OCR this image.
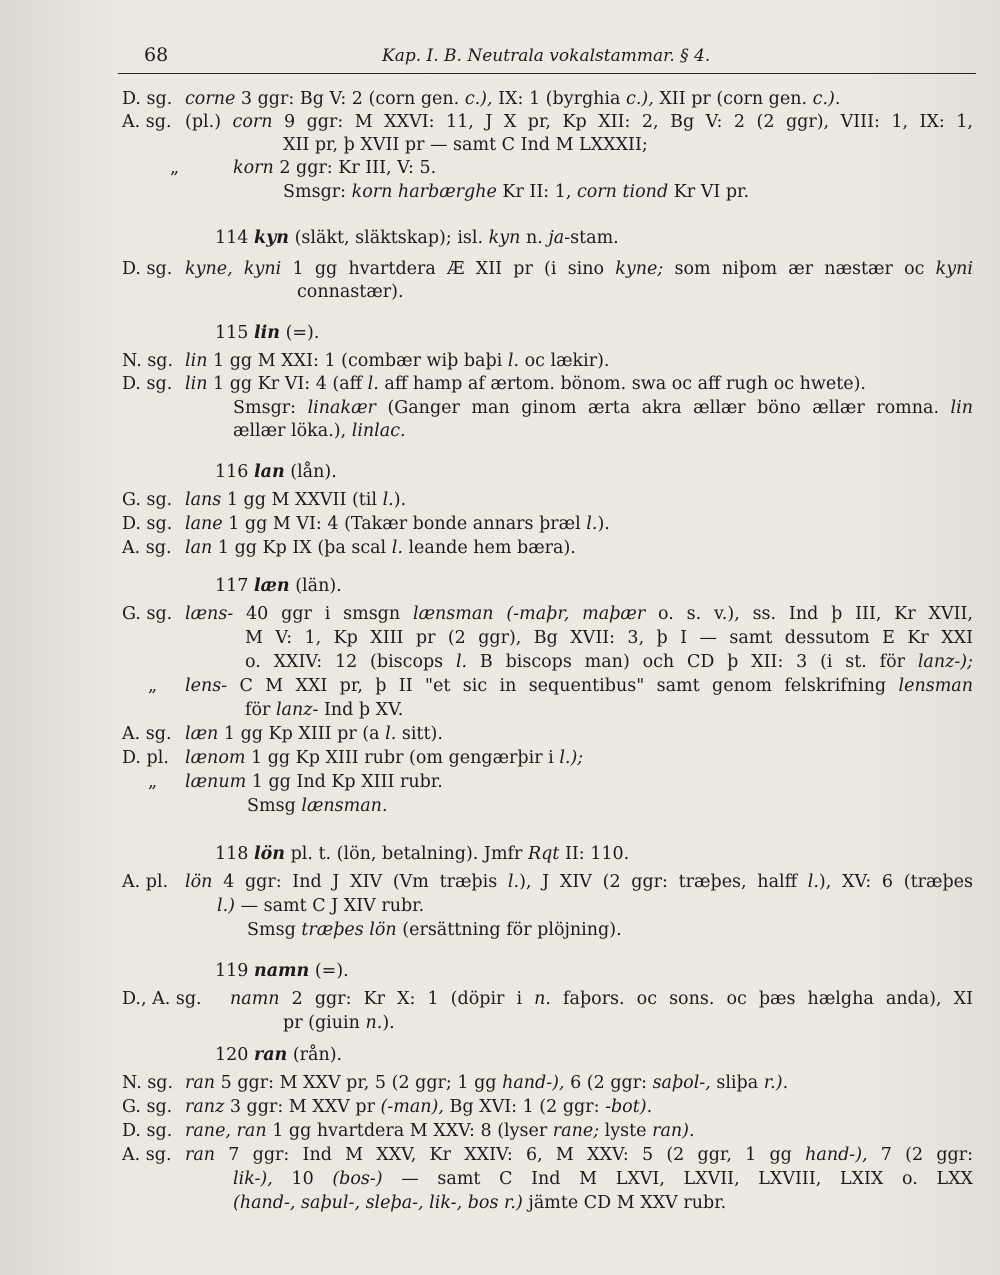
68	Kap. I. B. Neutrala vokalstammar. § 4.
D. sg. corne 3 ggr: Bg V: 2 (corn gen. c.), IX: 1 (byrghia c.), XII pr (corn gen. c.).
A. sg. (pl.) corn 9 ggr: M XXVI: 11, J X pr, Kp XII: 2, Bg V: 2 (2 ggr), VIII: 1, IX: 1,
XII pr, þ XVII pr — samt C Ind M LXXXII;
„	korn 2 ggr: Kr III, V: 5.
Smsgr: korn harbærghe Kr II: 1, corn tiond Kr VI pr.
114 kyn (släkt, släktskap); isl. kyn n. ja-stam.
D. sg. kyne, kyni 1 gg hvartdera Æ XII pr (i sino kyne; som niþom ær næstær oc kyni
connastær).
115 lin (=).
N. sg. lin 1 gg M XXI: 1 (combær wiþ baþi l. oc lækir).
D. sg. lin 1 gg Kr VI: 4 (aff l. aff hamp af ærtom. bönom. swa oc aff rugh oc hwete).
Smsgr: linakær (Ganger man ginom ærta akra ællær böno ællær romna. lin
ællær löka.), linlac.
116 lan (lån).
G. sg. lans 1 gg M XXVII (til l.).
D. sg. lane 1 gg M VI: 4 (Takær bonde annars þræl l.).
A. sg. lan 1 gg Kp IX (þa scal l. leande hem bæra).
117 læn (län).
G. sg. læns- 40 ggr i smsgn lænsman (-maþr, maþær o. s. v.), ss. Ind þ III, Kr XVII,
M V: 1, Kp XIII pr (2 ggr), Bg XVII: 3, þ I — samt dessutom E Kr XXI
o. XXIV: 12 (biscops l. B biscops man) och CD þ XII: 3 (i st. för lanz-);
„ lens- C M XXI pr, þ II "et sic in sequentibus" samt genom felskrifning lensman
för lanz- Ind þ XV.
A. sg. læn 1 gg Kp XIII pr (a l. sitt).
D. pl. lænom 1 gg Kp XIII rubr (om gengærþir i l.);
„ lænum 1 gg Ind Kp XIII rubr.
Smsg lænsman.
118 lön pl. t. (lön, betalning). Jmfr Rqt II: 110.
A. pl. lön 4 ggr: Ind J XIV (Vm træþis l.), J XIV (2 ggr: træþes, halff l.), XV: 6 (træþes
l.) — samt C J XIV rubr.
Smsg træþes lön (ersättning för plöjning).
119 namn (=).
D., A. sg. namn 2 ggr: Kr X: 1 (döpir i n. faþors. oc sons. oc þæs hælgha anda), XI
pr (giuin n.).
120 ran (rån).
N. sg. ran 5 ggr: M XXV pr, 5 (2 ggr; 1 gg hand-), 6 (2 ggr: saþol-, sliþa r.).
G. sg. ranz 3 ggr: M XXV pr (-man), Bg XVI: 1 (2 ggr: -bot).
D. sg. rane, ran 1 gg hvartdera M XXV: 8 (lyser rane; lyste ran).
A. sg. ran 7 ggr: Ind M XXV, Kr XXIV: 6, M XXV: 5 (2 ggr, 1 gg hand-), 7 (2 ggr:
lik-), 10 (bos-) — samt C Ind M LXVI, LXVII, LXVIII, LXIX o. LXX
(hand-, saþul-, sleþa-, lik-, bos r.) jämte CD M XXV rubr.
